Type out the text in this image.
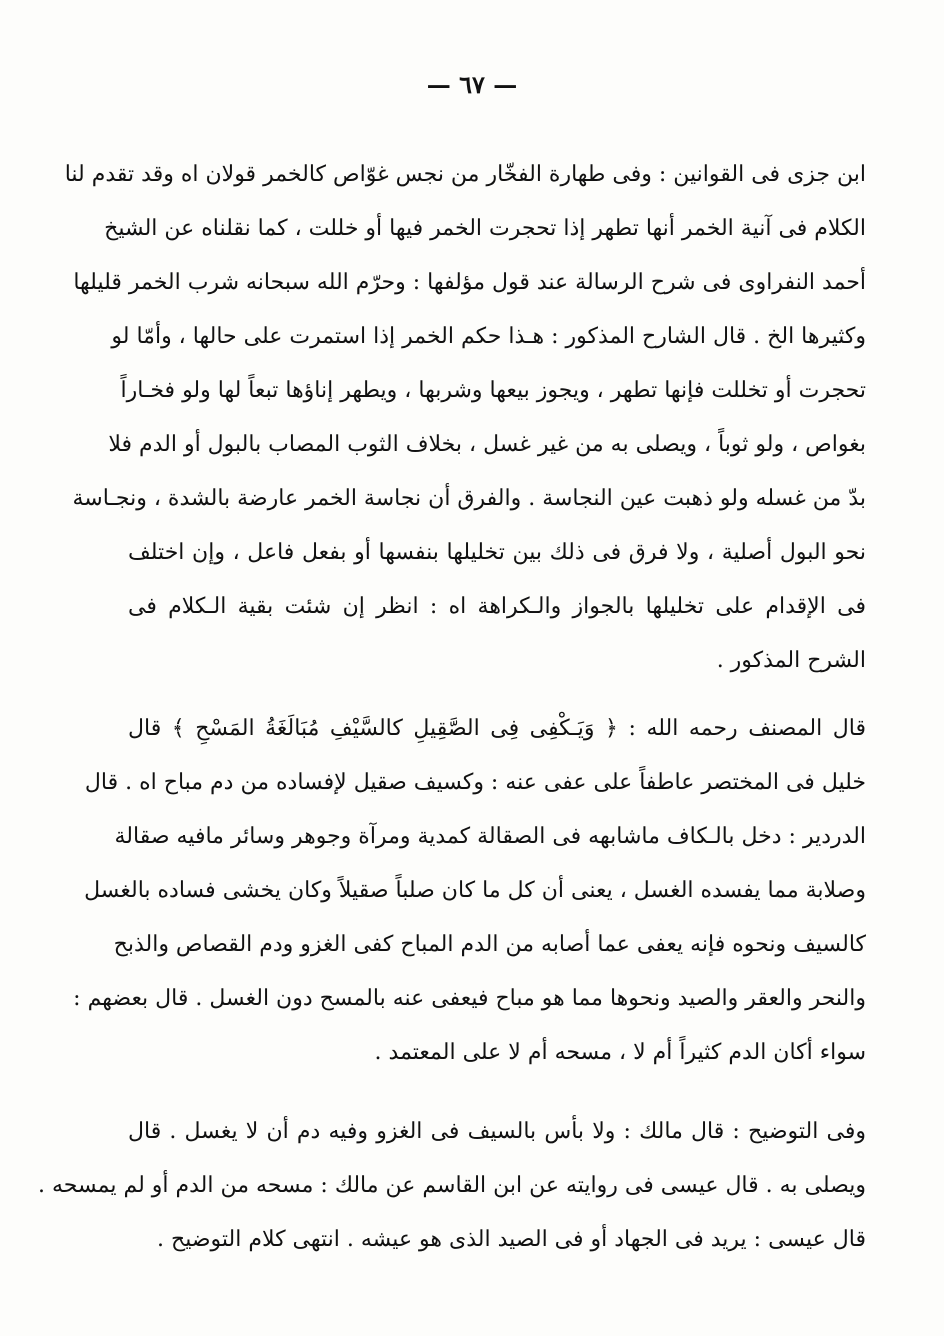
— ٦٧ —
ابن جزى فى القوانين : وفى طهارة الفخّار من نجس غوّاص كالخمر قولان اه وقد تقدم لنا
الكلام فى آنية الخمر أنها تطهر إذا تحجرت الخمر فيها أو خللت ، كما نقلناه عن الشيخ
أحمد النفراوى فى شرح الرسالة عند قول مؤلفها : وحرّم الله سبحانه شرب الخمر قليلها
وكثيرها الخ . قال الشارح المذكور : هـذا حكم الخمر إذا استمرت على حالها ، وأمّا لو
تحجرت أو تخللت فإنها تطهر ، ويجوز بيعها وشربها ، ويطهر إناؤها تبعاً لها ولو فخـاراً
بغواص ، ولو ثوباً ، ويصلى به من غير غسل ، بخلاف الثوب المصاب بالبول أو الدم فلا
بدّ من غسله ولو ذهبت عين النجاسة . والفرق أن نجاسة الخمر عارضة بالشدة ، ونجـاسة
نحو البول أصلية ، ولا فرق فى ذلك بين تخليلها بنفسها أو بفعل فاعل ، وإن اختلف
فى الإقدام على تخليلها بالجواز والـكراهة اه : انظر إن شئت بقية الـكلام فى
الشرح المذكور .
قال المصنف رحمه الله : ﴿ وَيَـكْفِى فِى الصَّقِيلِ كالسَّيْفِ مُبَالَغَةُ المَسْحِ ﴾ قال
خليل فى المختصر عاطفاً على عفى عنه : وكسيف صقيل لإفساده من دم مباح اه . قال
الدردير : دخل بالـكاف ماشابهه فى الصقالة كمدية ومرآة وجوهر وسائر مافيه صقالة
وصلابة مما يفسده الغسل ، يعنى أن كل ما كان صلباً صقيلاً وكان يخشى فساده بالغسل
كالسيف ونحوه فإنه يعفى عما أصابه من الدم المباح كفى الغزو ودم القصاص والذبح
والنحر والعقر والصيد ونحوها مما هو مباح فيعفى عنه بالمسح دون الغسل . قال بعضهم :
سواء أكان الدم كثيراً أم لا ، مسحه أم لا على المعتمد .
وفى التوضيح : قال مالك : ولا بأس بالسيف فى الغزو وفيه دم أن لا يغسل . قال
ويصلى به . قال عيسى فى روايته عن ابن القاسم عن مالك : مسحه من الدم أو لم يمسحه .
قال عيسى : يريد فى الجهاد أو فى الصيد الذى هو عيشه . انتهى كلام التوضيح .
